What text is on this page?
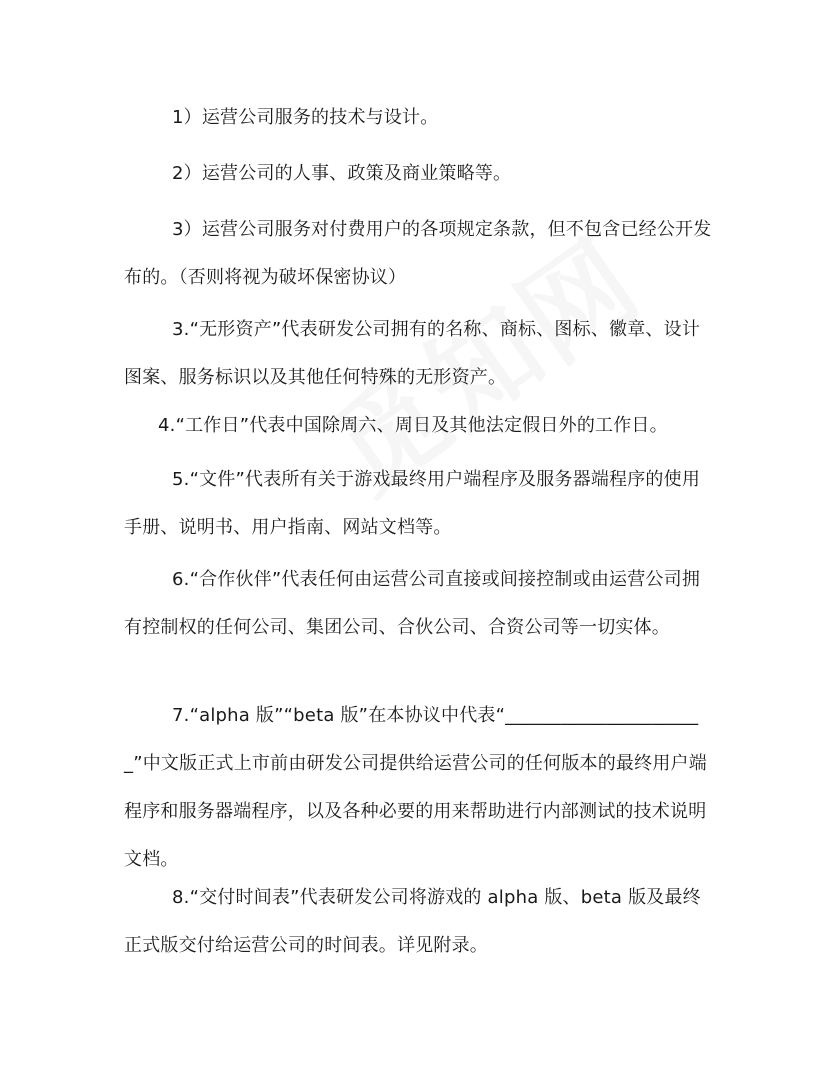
1）运营公司服务的技术与设计。

2）运营公司的人事、政策及商业策略等。

3）运营公司服务对付费用户的各项规定条款，但不包含已经公开发布的。（否则将视为破坏保密协议）

3.“无形资产”代表研发公司拥有的名称、商标、图标、徽章、设计图案、服务标识以及其他任何特殊的无形资产。

4.“工作日”代表中国除周六、周日及其他法定假日外的工作日。

5.“文件”代表所有关于游戏最终用户端程序及服务器端程序的使用手册、说明书、用户指南、网站文档等。

6.“合作伙伴”代表任何由运营公司直接或间接控制或由运营公司拥有控制权的任何公司、集团公司、合伙公司、合资公司等一切实体。

7.“alpha 版”“beta 版”在本协议中代表“______________________”中文版正式上市前由研发公司提供给运营公司的任何版本的最终用户端程序和服务器端程序，以及各种必要的用来帮助进行内部测试的技术说明文档。

8.“交付时间表”代表研发公司将游戏的 alpha 版、beta 版及最终正式版交付给运营公司的时间表。详见附录。
